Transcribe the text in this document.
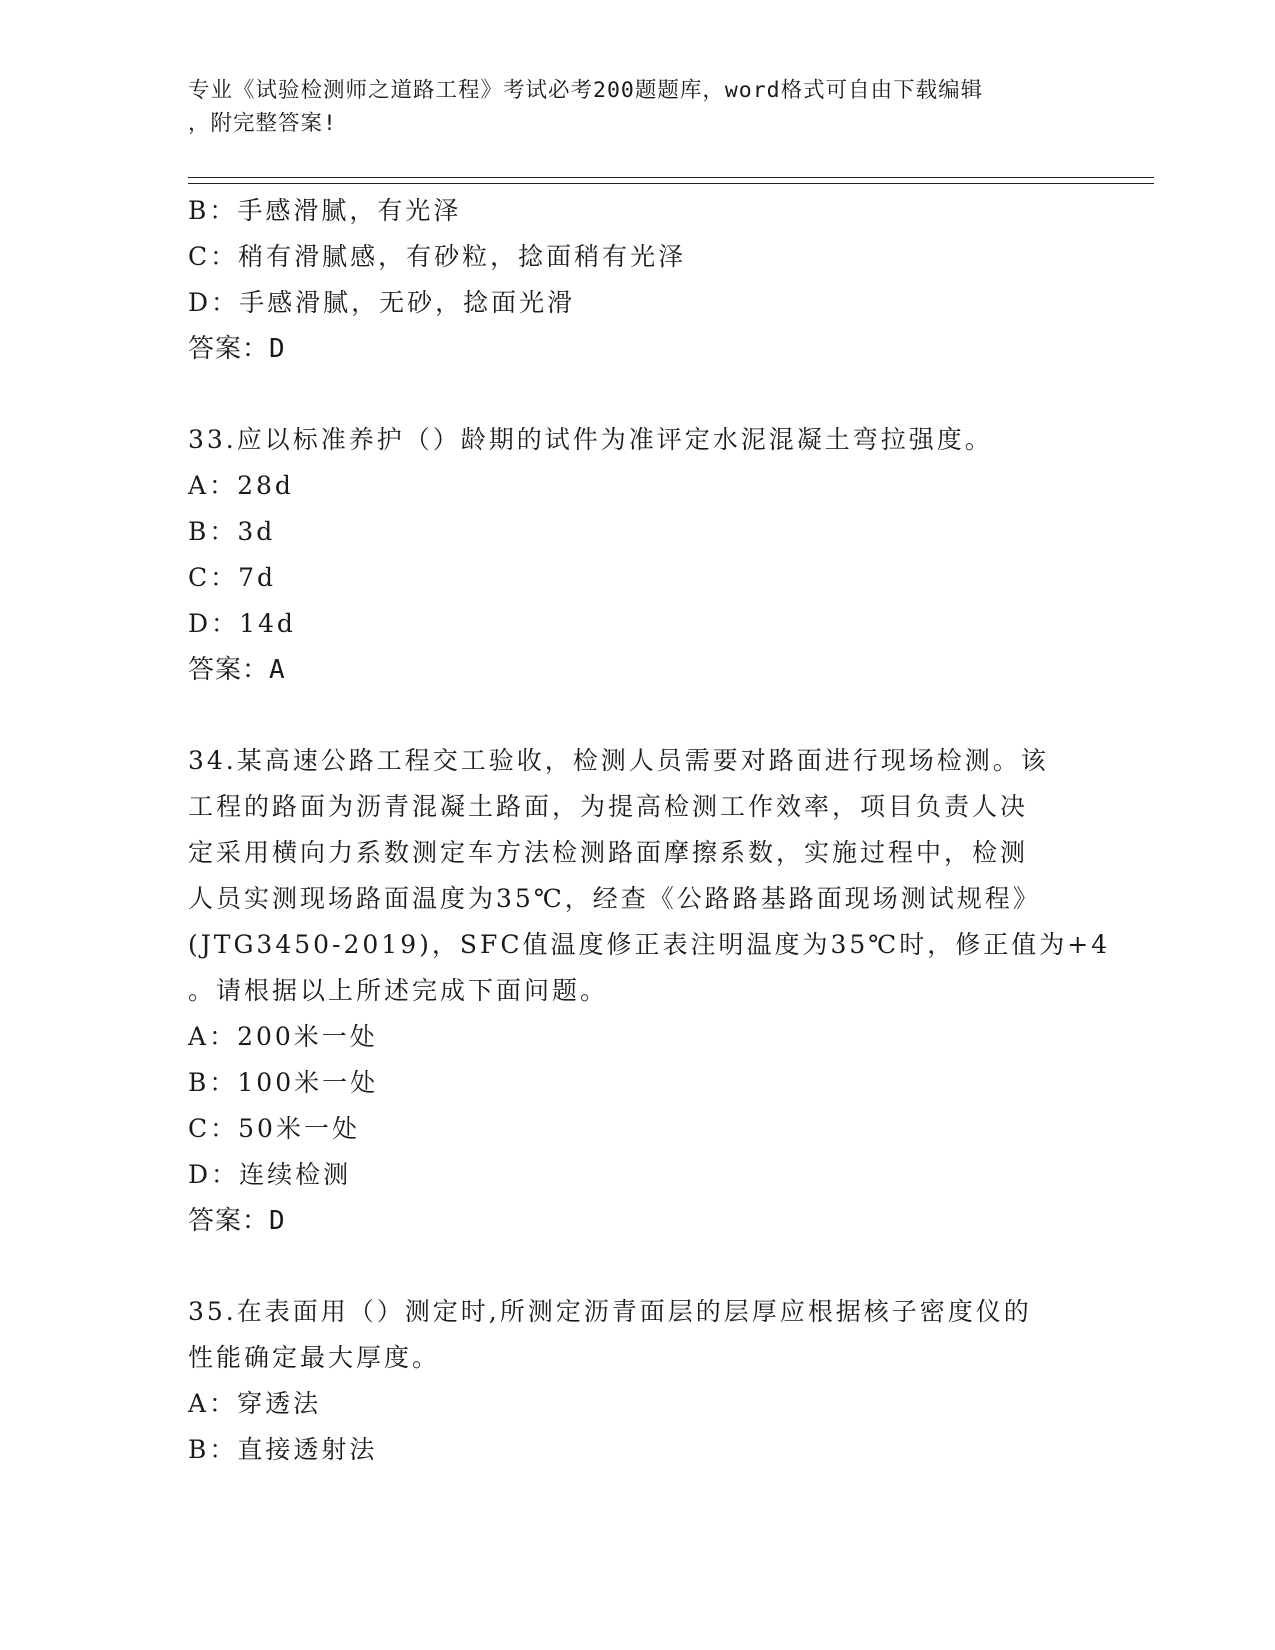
专业《试验检测师之道路工程》考试必考200题题库，word格式可自由下载编辑
，附完整答案!
B：手感滑腻，有光泽
C：稍有滑腻感，有砂粒，捻面稍有光泽
D：手感滑腻，无砂，捻面光滑
答案：D
33.应以标准养护（）龄期的试件为准评定水泥混凝土弯拉强度。
A：28d
B：3d
C：7d
D：14d
答案：A
34.某高速公路工程交工验收，检测人员需要对路面进行现场检测。该
工程的路面为沥青混凝土路面，为提高检测工作效率，项目负责人决
定采用横向力系数测定车方法检测路面摩擦系数，实施过程中，检测
人员实测现场路面温度为35℃，经查《公路路基路面现场测试规程》
(JTG3450-2019)，SFC值温度修正表注明温度为35℃时，修正值为+4
。请根据以上所述完成下面问题。
A：200米一处
B：100米一处
C：50米一处
D：连续检测
答案：D
35.在表面用（）测定时,所测定沥青面层的层厚应根据核子密度仪的
性能确定最大厚度。
A：穿透法
B：直接透射法
